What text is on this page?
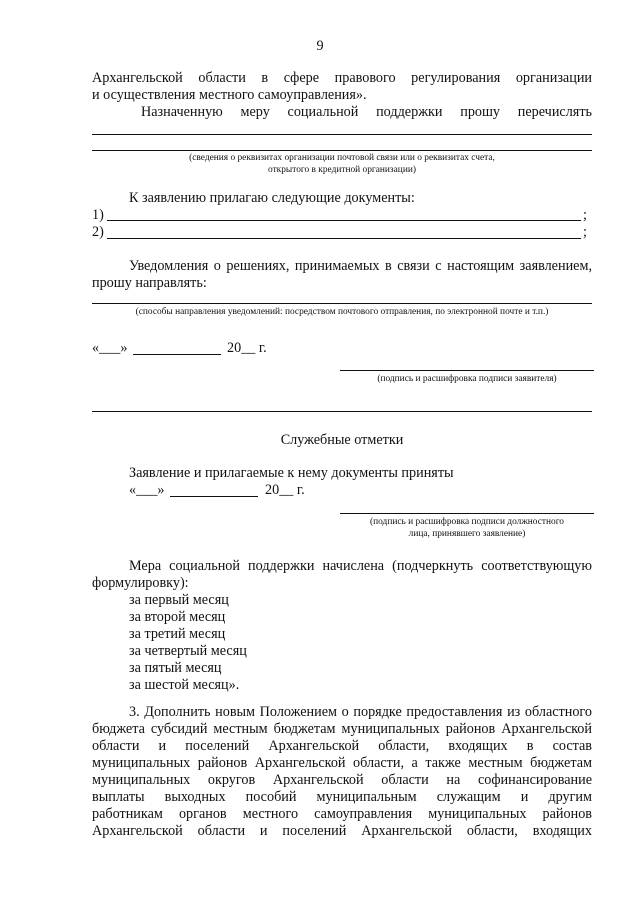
9
Архангельской области в сфере правового регулирования организации
и осуществления местного самоуправления».
Назначенную меру социальной поддержки прошу перечислять
(сведения о реквизитах организации почтовой связи или о реквизитах счета,
открытого в кредитной организации)
К заявлению прилагаю следующие документы:
1)	;
2)	;
Уведомления о решениях, принимаемых в связи с настоящим заявлением,
прошу направлять:
(способы направления уведомлений: посредством почтового отправления, по электронной почте и т.п.)
«___»	20__ г.
(подпись и расшифровка подписи заявителя)
Служебные отметки
Заявление и прилагаемые к нему документы приняты
«___»	20__ г.
(подпись и расшифровка подписи должностного
лица, принявшего заявление)
Мера социальной поддержки начислена (подчеркнуть соответствующую
формулировку):
за первый месяц
за второй месяц
за третий месяц
за четвертый месяц
за пятый месяц
за шестой месяц».
3. Дополнить новым Положением о порядке предоставления из областного
бюджета субсидий местным бюджетам муниципальных районов Архангельской
области и поселений Архангельской области, входящих в состав
муниципальных районов Архангельской области, а также местным бюджетам
муниципальных округов Архангельской области на софинансирование
выплаты выходных пособий муниципальным служащим и другим
работникам органов местного самоуправления муниципальных районов
Архангельской области и поселений Архангельской области, входящих
